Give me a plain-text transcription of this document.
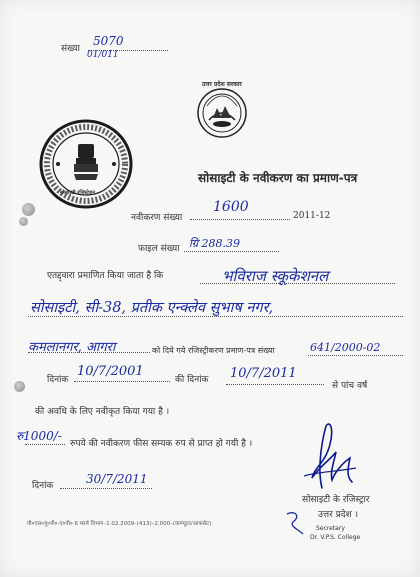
संख्या
5070
01/011
उत्तर प्रदेश सरकार
सोसाइटी रजिस्ट्रेशन
सोसाइटी के नवीकरण का प्रमाण-पत्र
नवीकरण संख्या
1600
2011-12
फाइल संख्या ग्रि 288.39
एतद्द्वारा प्रमाणित किया जाता है कि	भविराज स्कूकेशनल
सोसाइटी, सी-38, प्रतीक एन्क्लेव सुभाष नगर,
कमलानगर, आगरा	को दिये गये रजिस्ट्रीकरण प्रमाण-पत्र संख्या	641/2000-02
दिनांक
10/7/2001
की दिनांक 10/7/2011
से पांच वर्ष
की अवधि के लिए नवीकृत किया गया है ।
रु1000/-
रुपये की नवीकरण फीस सम्यक रुप से प्राप्त हो गयी है ।
दिनांक	30/7/2011
सोसाइटी के रजिस्ट्रार
उत्तर प्रदेश ।
Secretary
Dr. V.P.S. College
पी०एस०यू०पी०-ए०पी० 6 फार्म विभाग–1.02.2009–(413)–2,000–(कम्प्यूटर/आफसेट)
